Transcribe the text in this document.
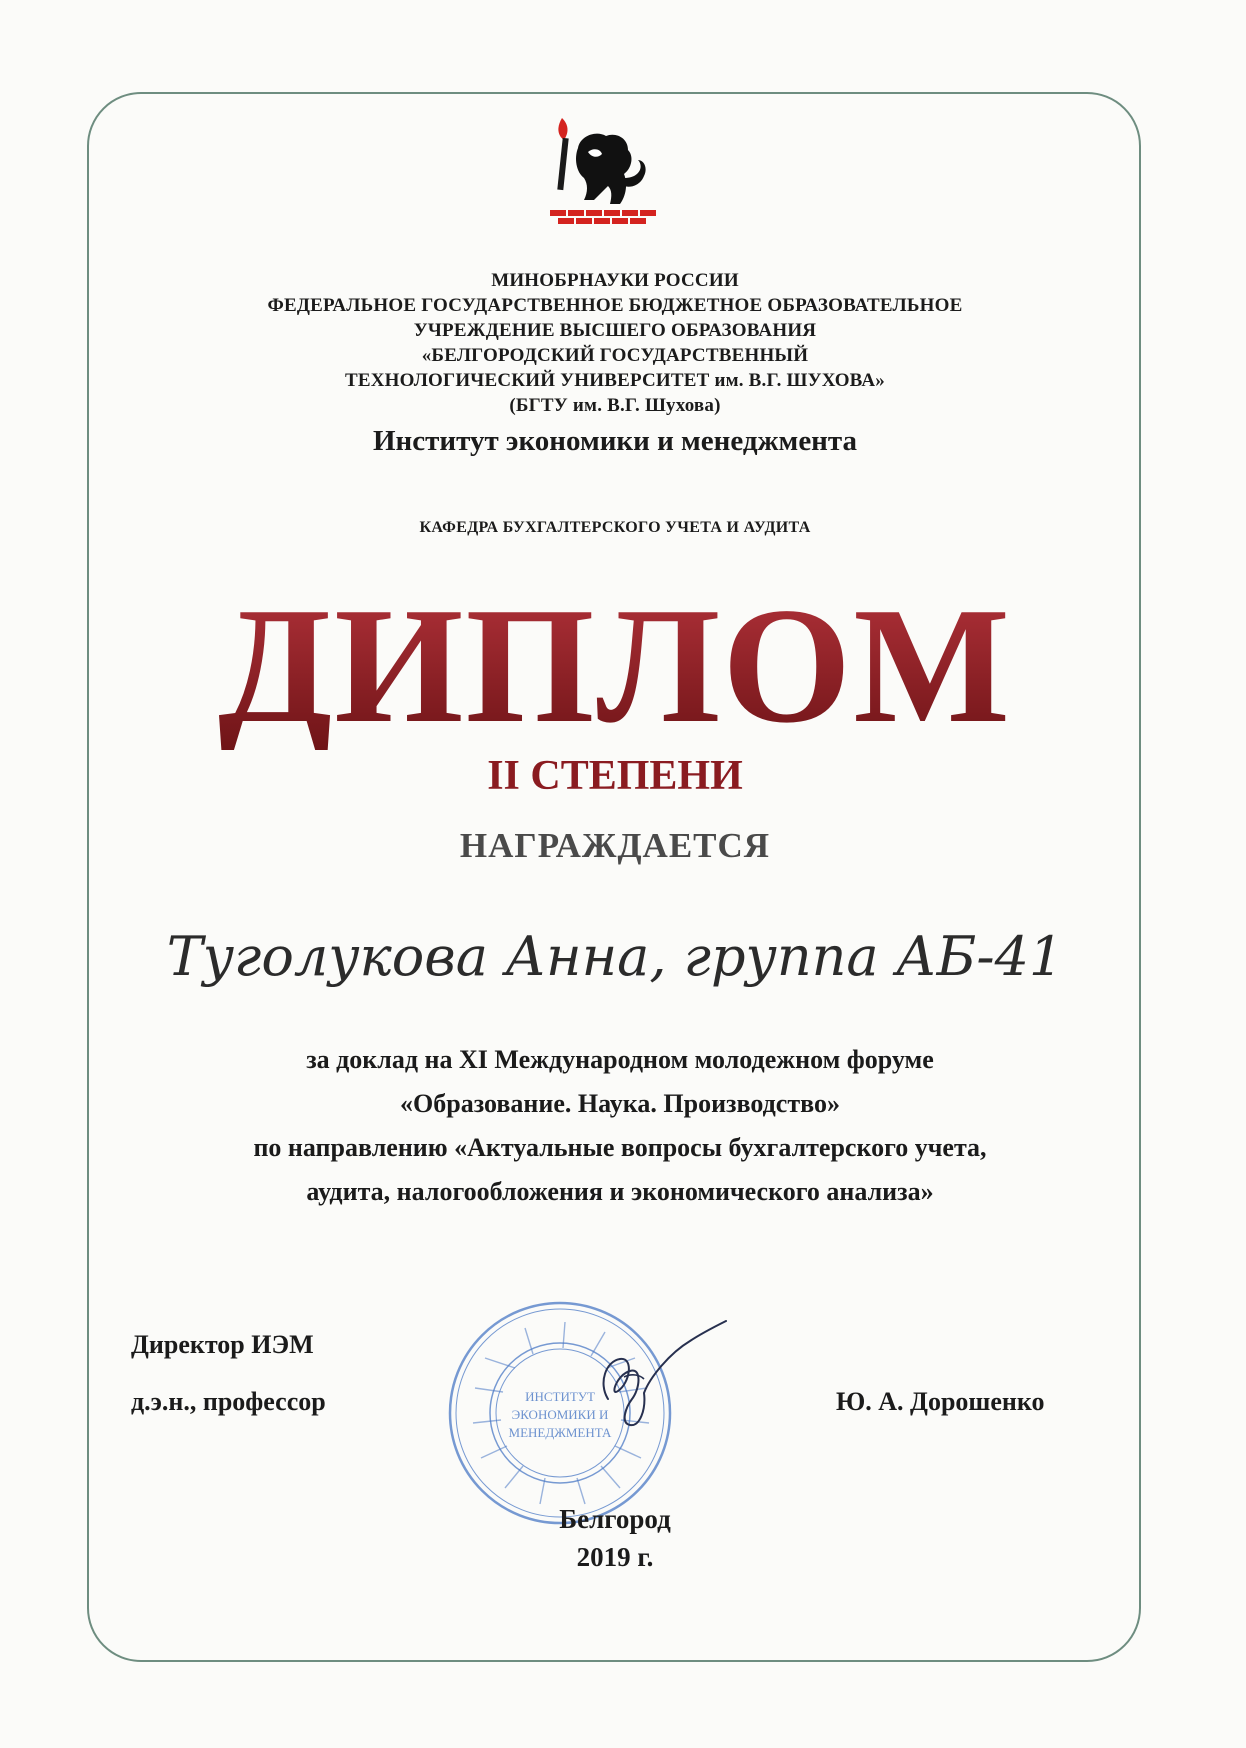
МИНОБРНАУКИ РОССИИ
ФЕДЕРАЛЬНОЕ ГОСУДАРСТВЕННОЕ БЮДЖЕТНОЕ ОБРАЗОВАТЕЛЬНОЕ
УЧРЕЖДЕНИЕ ВЫСШЕГО ОБРАЗОВАНИЯ
«БЕЛГОРОДСКИЙ ГОСУДАРСТВЕННЫЙ
ТЕХНОЛОГИЧЕСКИЙ УНИВЕРСИТЕТ им. В.Г. ШУХОВА»
(БГТУ им. В.Г. Шухова)
Институт экономики и менеджмента
КАФЕДРА БУХГАЛТЕРСКОГО УЧЕТА И АУДИТА
ДИПЛОМ
II СТЕПЕНИ
НАГРАЖДАЕТСЯ
Туголукова Анна, группа АБ-41
за доклад на XI Международном молодежном форуме
«Образование. Наука. Производство»
по направлению «Актуальные вопросы бухгалтерского учета,
аудита, налогообложения и экономического анализа»
Директор ИЭМ
д.э.н., профессор	Ю. А. Дорошенко
ИНСТИТУТ
ЭКОНОМИКИ И
МЕНЕДЖМЕНТА
Белгород
2019 г.
